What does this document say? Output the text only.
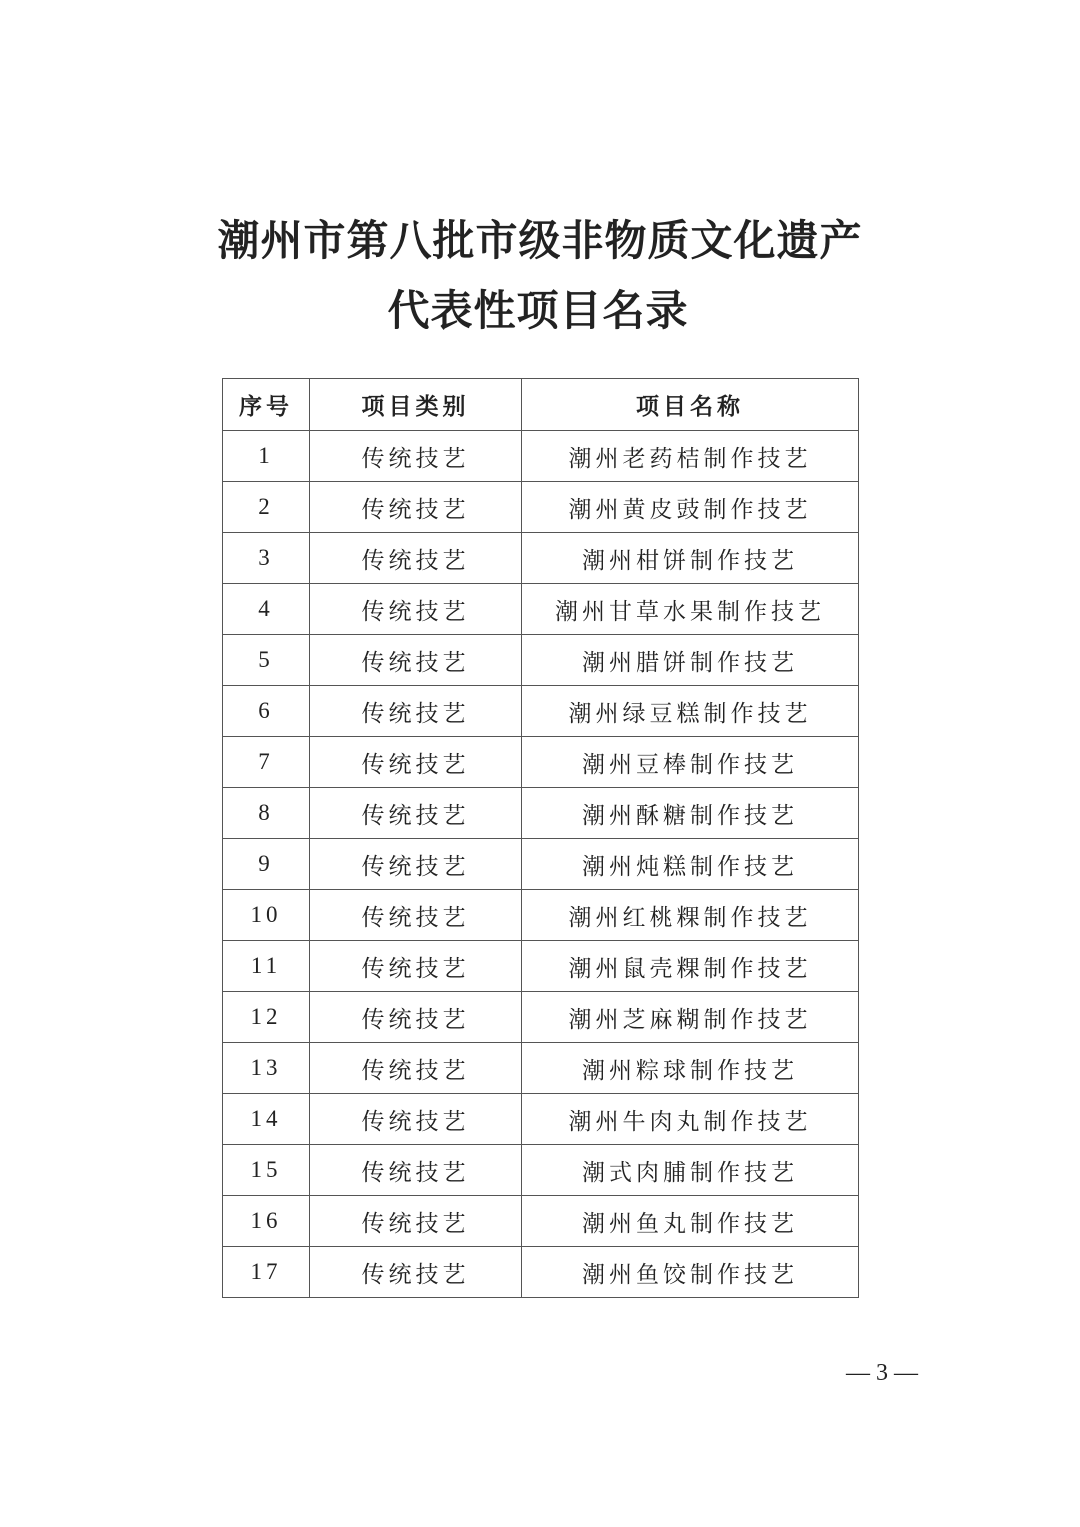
潮州市第八批市级非物质文化遗产
代表性项目名录
序号	项目类别	项目名称
1	传统技艺	潮州老药桔制作技艺
2	传统技艺	潮州黄皮豉制作技艺
3	传统技艺	潮州柑饼制作技艺
4	传统技艺	潮州甘草水果制作技艺
5	传统技艺	潮州腊饼制作技艺
6	传统技艺	潮州绿豆糕制作技艺
7	传统技艺	潮州豆棒制作技艺
8	传统技艺	潮州酥糖制作技艺
9	传统技艺	潮州炖糕制作技艺
10	传统技艺	潮州红桃粿制作技艺
11	传统技艺	潮州鼠壳粿制作技艺
12	传统技艺	潮州芝麻糊制作技艺
13	传统技艺	潮州粽球制作技艺
14	传统技艺	潮州牛肉丸制作技艺
15	传统技艺	潮式肉脯制作技艺
16	传统技艺	潮州鱼丸制作技艺
17	传统技艺	潮州鱼饺制作技艺
— 3 —
